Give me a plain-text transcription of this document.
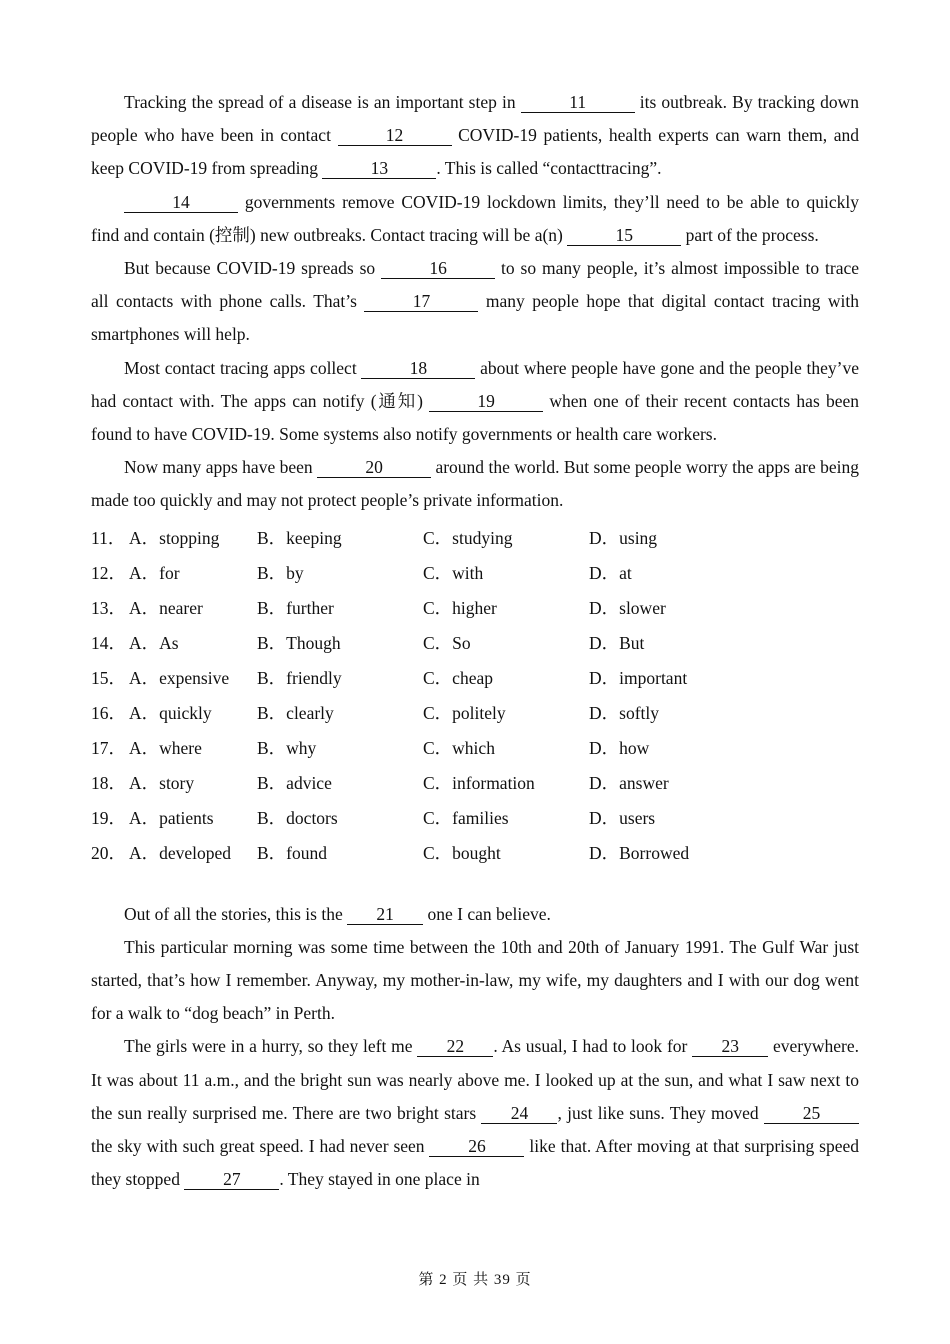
Tracking the spread of a disease is an important step in	11	its outbreak. By tracking down people who have been in contact	12	COVID-19 patients, health experts can warn them, and keep COVID-19 from spreading	13	. This is called “contacttracing”.

14	governments remove COVID-19 lockdown limits, they’ll need to be able to quickly find and contain (控制) new outbreaks. Contact tracing will be a(n)	15	part of the process.

But because COVID-19 spreads so	16	to so many people, it’s almost impossible to trace all contacts with phone calls. That’s	17	many people hope that digital contact tracing with smartphones will help.

Most contact tracing apps collect	18	about where people have gone and the people they’ve had contact with. The apps can notify (通知)	19	when one of their recent contacts has been found to have COVID-19. Some systems also notify governments or health care workers.

Now many apps have been	20	around the world. But some people worry the apps are being made too quickly and may not protect people’s private information.

11． A．stopping	B．keeping	C．studying	D．using
12． A．for	B．by	C．with	D．at
13． A．nearer	B．further	C．higher	D．slower
14． A．As	B．Though	C．So	D．But
15． A．expensive	B．friendly	C．cheap	D．important
16． A．quickly	B．clearly	C．politely	D．softly
17． A．where	B．why	C．which	D．how
18． A．story	B．advice	C．information	D．answer
19． A．patients	B．doctors	C．families	D．users
20． A．developed	B．found	C．bought	D．Borrowed

Out of all the stories, this is the 21 one I can believe.

This particular morning was some time between the 10th and 20th of January 1991. The Gulf War just started, that’s how I remember. Anyway, my mother-in-law, my wife, my daughters and I with our dog went for a walk to “dog beach” in Perth.

The girls were in a hurry, so they left me 22 . As usual, I had to look for 23 everywhere. It was about 11 a.m., and the bright sun was nearly above me. I looked up at the sun, and what I saw next to the sun really surprised me. There are two bright stars 24 , just like suns. They moved 25 the sky with such great speed. I had never seen 26 like that. After moving at that surprising speed they stopped 27 . They stayed in one place in

第 2 页 共 39 页
